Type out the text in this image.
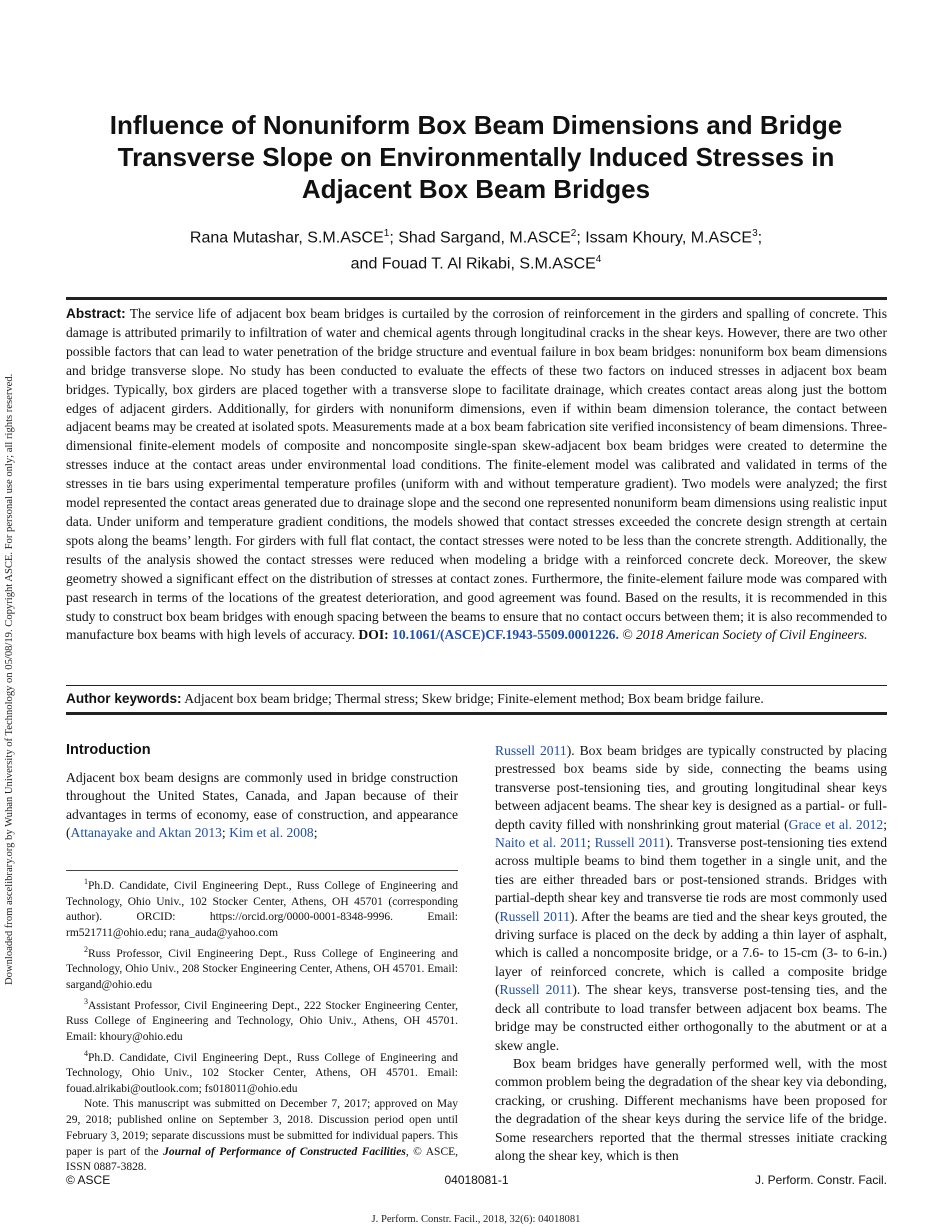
Downloaded from ascelibrary.org by Wuhan University of Technology on 05/08/19. Copyright ASCE. For personal use only; all rights reserved.
Influence of Nonuniform Box Beam Dimensions and Bridge Transverse Slope on Environmentally Induced Stresses in Adjacent Box Beam Bridges
Rana Mutashar, S.M.ASCE$^1$; Shad Sargand, M.ASCE$^2$; Issam Khoury, M.ASCE$^3$;
and Fouad T. Al Rikabi, S.M.ASCE$^4$

Abstract: The service life of adjacent box beam bridges is curtailed by the corrosion of reinforcement in the girders and spalling of concrete. This damage is attributed primarily to infiltration of water and chemical agents through longitudinal cracks in the shear keys. However, there are two other possible factors that can lead to water penetration of the bridge structure and eventual failure in box beam bridges: nonuniform box beam dimensions and bridge transverse slope. No study has been conducted to evaluate the effects of these two factors on induced stresses in adjacent box beam bridges. Typically, box girders are placed together with a transverse slope to facilitate drainage, which creates contact areas along just the bottom edges of adjacent girders. Additionally, for girders with nonuniform dimensions, even if within beam dimension tolerance, the contact between adjacent beams may be created at isolated spots. Measurements made at a box beam fabrication site verified inconsistency of beam dimensions. Three-dimensional finite-element models of composite and noncomposite single-span skew-adjacent box beam bridges were created to determine the stresses induce at the contact areas under environmental load conditions. The finite-element model was calibrated and validated in terms of the stresses in tie bars using experimental temperature profiles (uniform with and without temperature gradient). Two models were analyzed; the first model represented the contact areas generated due to drainage slope and the second one represented nonuniform beam dimensions using realistic input data. Under uniform and temperature gradient conditions, the models showed that contact stresses exceeded the concrete design strength at certain spots along the beams’ length. For girders with full flat contact, the contact stresses were noted to be less than the concrete strength. Additionally, the results of the analysis showed the contact stresses were reduced when modeling a bridge with a reinforced concrete deck. Moreover, the skew geometry showed a significant effect on the distribution of stresses at contact zones. Furthermore, the finite-element failure mode was compared with past research in terms of the locations of the greatest deterioration, and good agreement was found. Based on the results, it is recommended in this study to construct box beam bridges with enough spacing between the beams to ensure that no contact occurs between them; it is also recommended to manufacture box beams with high levels of accuracy. DOI: 10.1061/(ASCE)CF.1943-5509.0001226. © 2018 American Society of Civil Engineers.

Author keywords: Adjacent box beam bridge; Thermal stress; Skew bridge; Finite-element method; Box beam bridge failure.
Introduction

Adjacent box beam designs are commonly used in bridge construction throughout the United States, Canada, and Japan because of their advantages in terms of economy, ease of construction, and appearance (Attanayake and Aktan 2013; Kim et al. 2008;

$^1$Ph.D. Candidate, Civil Engineering Dept., Russ College of Engineering and Technology, Ohio Univ., 102 Stocker Center, Athens, OH 45701 (corresponding author). ORCID: https://orcid.org/0000-0001-8348-9996. Email: rm521711@ohio.edu; rana_auda@yahoo.com

$^2$Russ Professor, Civil Engineering Dept., Russ College of Engineering and Technology, Ohio Univ., 208 Stocker Engineering Center, Athens, OH 45701. Email: sargand@ohio.edu

$^3$Assistant Professor, Civil Engineering Dept., 222 Stocker Engineering Center, Russ College of Engineering and Technology, Ohio Univ., Athens, OH 45701. Email: khoury@ohio.edu

$^4$Ph.D. Candidate, Civil Engineering Dept., Russ College of Engineering and Technology, Ohio Univ., 102 Stocker Center, Athens, OH 45701. Email: fouad.alrikabi@outlook.com; fs018011@ohio.edu

Note. This manuscript was submitted on December 7, 2017; approved on May 29, 2018; published online on September 3, 2018. Discussion period open until February 3, 2019; separate discussions must be submitted for individual papers. This paper is part of the Journal of Performance of Constructed Facilities, © ASCE, ISSN 0887-3828.

Russell 2011). Box beam bridges are typically constructed by placing prestressed box beams side by side, connecting the beams using transverse post-tensioning ties, and grouting longitudinal shear keys between adjacent beams. The shear key is designed as a partial- or full-depth cavity filled with nonshrinking grout material (Grace et al. 2012; Naito et al. 2011; Russell 2011). Transverse post-tensioning ties extend across multiple beams to bind them together in a single unit, and the ties are either threaded bars or post-tensioned strands. Bridges with partial-depth shear key and transverse tie rods are most commonly used (Russell 2011). After the beams are tied and the shear keys grouted, the driving surface is placed on the deck by adding a thin layer of asphalt, which is called a noncomposite bridge, or a 7.6- to 15-cm (3- to 6-in.) layer of reinforced concrete, which is called a composite bridge (Russell 2011). The shear keys, transverse post-tensing ties, and the deck all contribute to load transfer between adjacent box beams. The bridge may be constructed either orthogonally to the abutment or at a skew angle.

Box beam bridges have generally performed well, with the most common problem being the degradation of the shear key via debonding, cracking, or crushing. Different mechanisms have been proposed for the degradation of the shear keys during the service life of the bridge. Some researchers reported that the thermal stresses initiate cracking along the shear key, which is then

© ASCE	04018081-1	J. Perform. Constr. Facil.
J. Perform. Constr. Facil., 2018, 32(6): 04018081
